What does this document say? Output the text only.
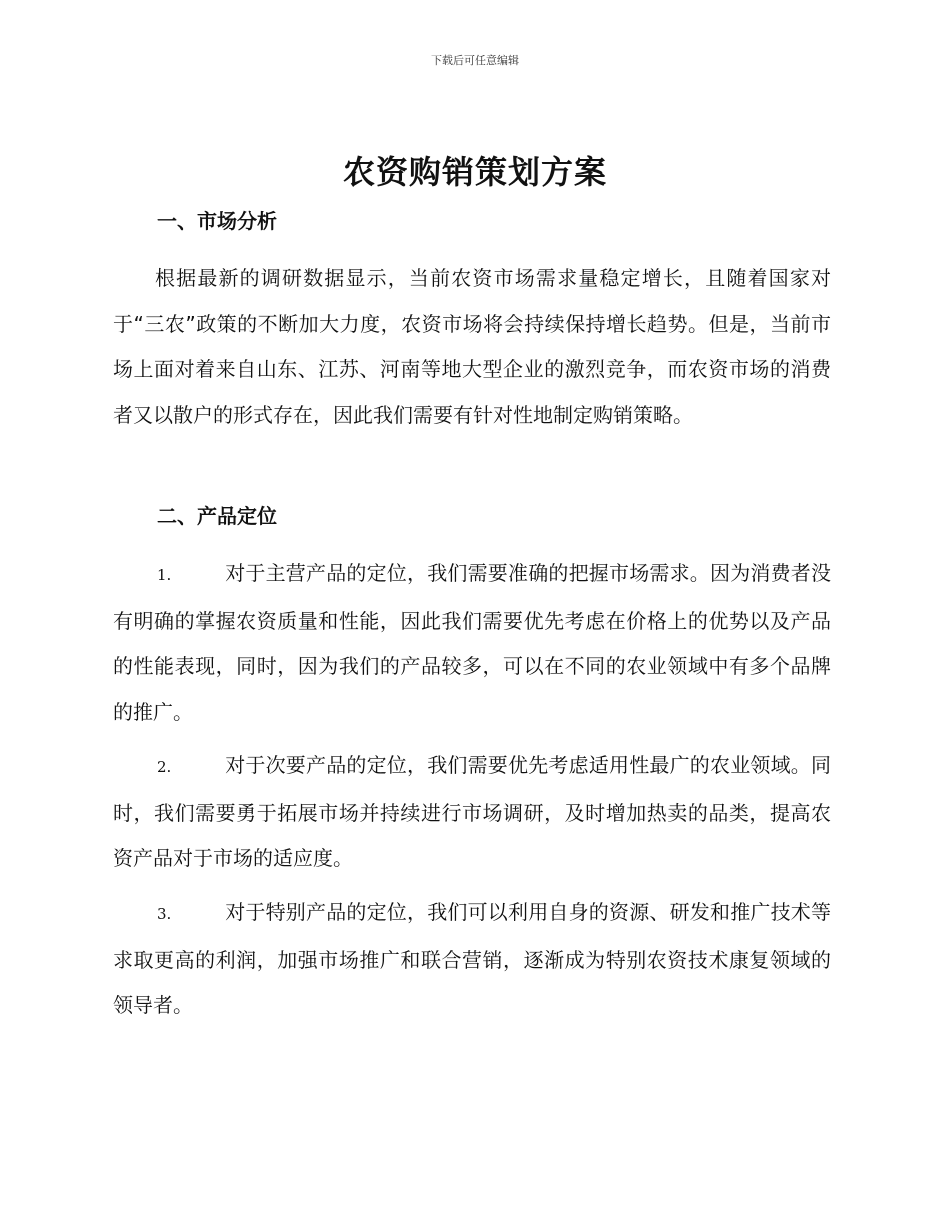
下载后可任意编辑
农资购销策划方案
一、市场分析

根据最新的调研数据显示，当前农资市场需求量稳定增长，且随着国家对于“三农”政策的不断加大力度，农资市场将会持续保持增长趋势。但是，当前市场上面对着来自山东、江苏、河南等地大型企业的激烈竞争，而农资市场的消费者又以散户的形式存在，因此我们需要有针对性地制定购销策略。

二、产品定位

1.	对于主营产品的定位，我们需要准确的把握市场需求。因为消费者没有明确的掌握农资质量和性能，因此我们需要优先考虑在价格上的优势以及产品的性能表现，同时，因为我们的产品较多，可以在不同的农业领域中有多个品牌的推广。

2.	对于次要产品的定位，我们需要优先考虑适用性最广的农业领域。同时，我们需要勇于拓展市场并持续进行市场调研，及时增加热卖的品类，提高农资产品对于市场的适应度。

3.	对于特别产品的定位，我们可以利用自身的资源、研发和推广技术等求取更高的利润，加强市场推广和联合营销，逐渐成为特别农资技术康复领域的领导者。
